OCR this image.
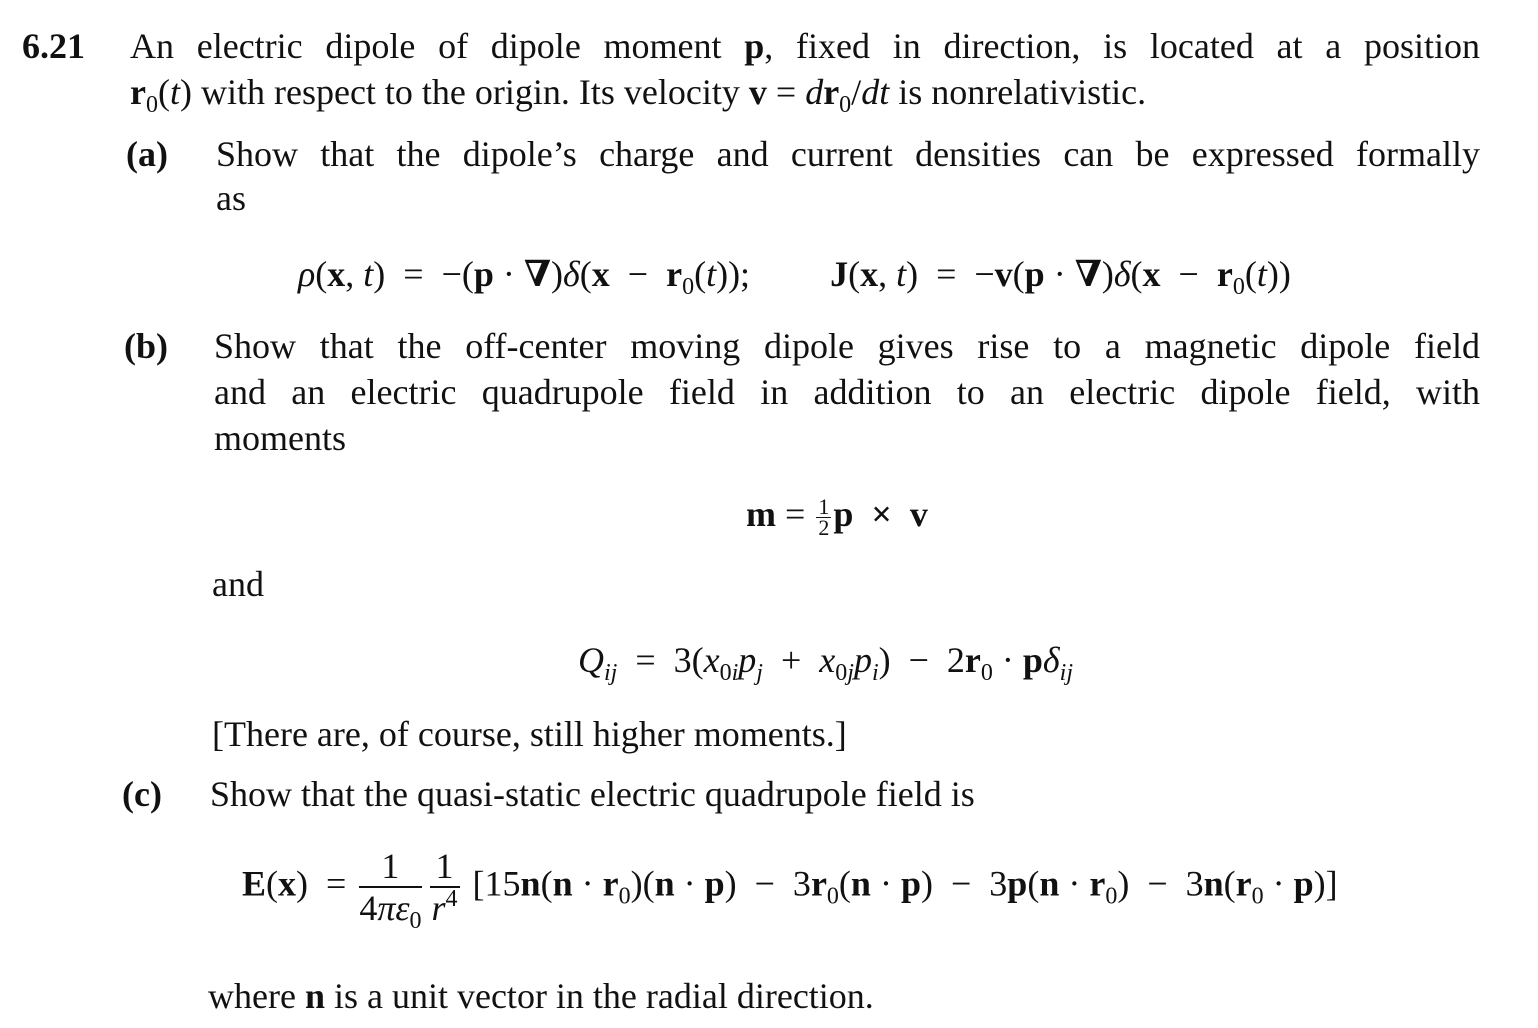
6.21 An electric dipole of dipole moment p, fixed in direction, is located at a position
$r_0(t)$ with respect to the origin. Its velocity $v = dr_0/dt$ is nonrelativistic.
(a) Show that the dipole’s charge and current densities can be expressed formally
as
ρ(x, $t) = -(p \cdot \nabla)\delta(x - r_0(t))$;  J(x, $t) = -v(p \cdot \nabla)\delta(x - r_0(t))$
(b) Show that the off-center moving dipole gives rise to a magnetic dipole field
and an electric quadrupole field in addition to an electric dipole field, with
moments
$m = \frac{1}{2}$ p × v
and
$Q_{ij} = 3(x_{0i}p_j + x_{0j}p_i) - 2r_0 \cdot p\delta_{ij}$
[There are, of course, still higher moments.]
(c) Show that the quasi-static electric quadrupole field is
$E(x) = \frac{1}{4\pi\varepsilon_0} \frac{1}{r^4} [15n(n \cdot r_0)(n \cdot p) - 3r_0(n \cdot p) - 3p(n \cdot r_0) - 3n(r_0 \cdot p)]$
where n is a unit vector in the radial direction.
